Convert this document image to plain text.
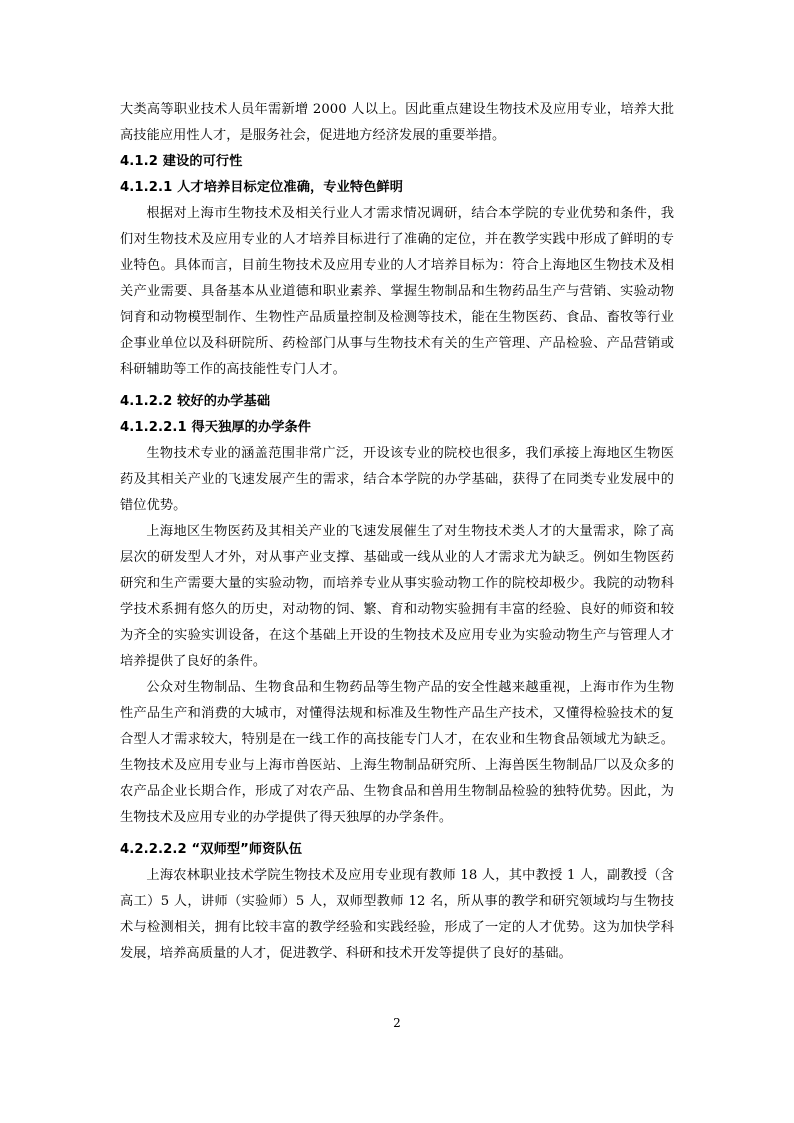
大类高等职业技术人员年需新增 2000 人以上。因此重点建设生物技术及应用专业，培养大批高技能应用性人才，是服务社会，促进地方经济发展的重要举措。

4.1.2 建设的可行性

4.1.2.1 人才培养目标定位准确，专业特色鲜明

根据对上海市生物技术及相关行业人才需求情况调研，结合本学院的专业优势和条件，我们对生物技术及应用专业的人才培养目标进行了准确的定位，并在教学实践中形成了鲜明的专业特色。具体而言，目前生物技术及应用专业的人才培养目标为：符合上海地区生物技术及相关产业需要、具备基本从业道德和职业素养、掌握生物制品和生物药品生产与营销、实验动物饲育和动物模型制作、生物性产品质量控制及检测等技术，能在生物医药、食品、畜牧等行业企事业单位以及科研院所、药检部门从事与生物技术有关的生产管理、产品检验、产品营销或科研辅助等工作的高技能性专门人才。

4.1.2.2 较好的办学基础

4.1.2.2.1 得天独厚的办学条件

生物技术专业的涵盖范围非常广泛，开设该专业的院校也很多，我们承接上海地区生物医药及其相关产业的飞速发展产生的需求，结合本学院的办学基础，获得了在同类专业发展中的错位优势。

上海地区生物医药及其相关产业的飞速发展催生了对生物技术类人才的大量需求，除了高层次的研发型人才外，对从事产业支撑、基础或一线从业的人才需求尤为缺乏。例如生物医药研究和生产需要大量的实验动物，而培养专业从事实验动物工作的院校却极少。我院的动物科学技术系拥有悠久的历史，对动物的饲、繁、育和动物实验拥有丰富的经验、良好的师资和较为齐全的实验实训设备，在这个基础上开设的生物技术及应用专业为实验动物生产与管理人才培养提供了良好的条件。

公众对生物制品、生物食品和生物药品等生物产品的安全性越来越重视，上海市作为生物性产品生产和消费的大城市，对懂得法规和标准及生物性产品生产技术，又懂得检验技术的复合型人才需求较大，特别是在一线工作的高技能专门人才，在农业和生物食品领域尤为缺乏。生物技术及应用专业与上海市兽医站、上海生物制品研究所、上海兽医生物制品厂以及众多的农产品企业长期合作，形成了对农产品、生物食品和兽用生物制品检验的独特优势。因此，为生物技术及应用专业的办学提供了得天独厚的办学条件。

4.2.2.2.2 “双师型”师资队伍

上海农林职业技术学院生物技术及应用专业现有教师 18 人，其中教授 1 人，副教授（含高工）5 人，讲师（实验师）5 人，双师型教师 12 名，所从事的教学和研究领域均与生物技术与检测相关，拥有比较丰富的教学经验和实践经验，形成了一定的人才优势。这为加快学科发展，培养高质量的人才，促进教学、科研和技术开发等提供了良好的基础。

2
